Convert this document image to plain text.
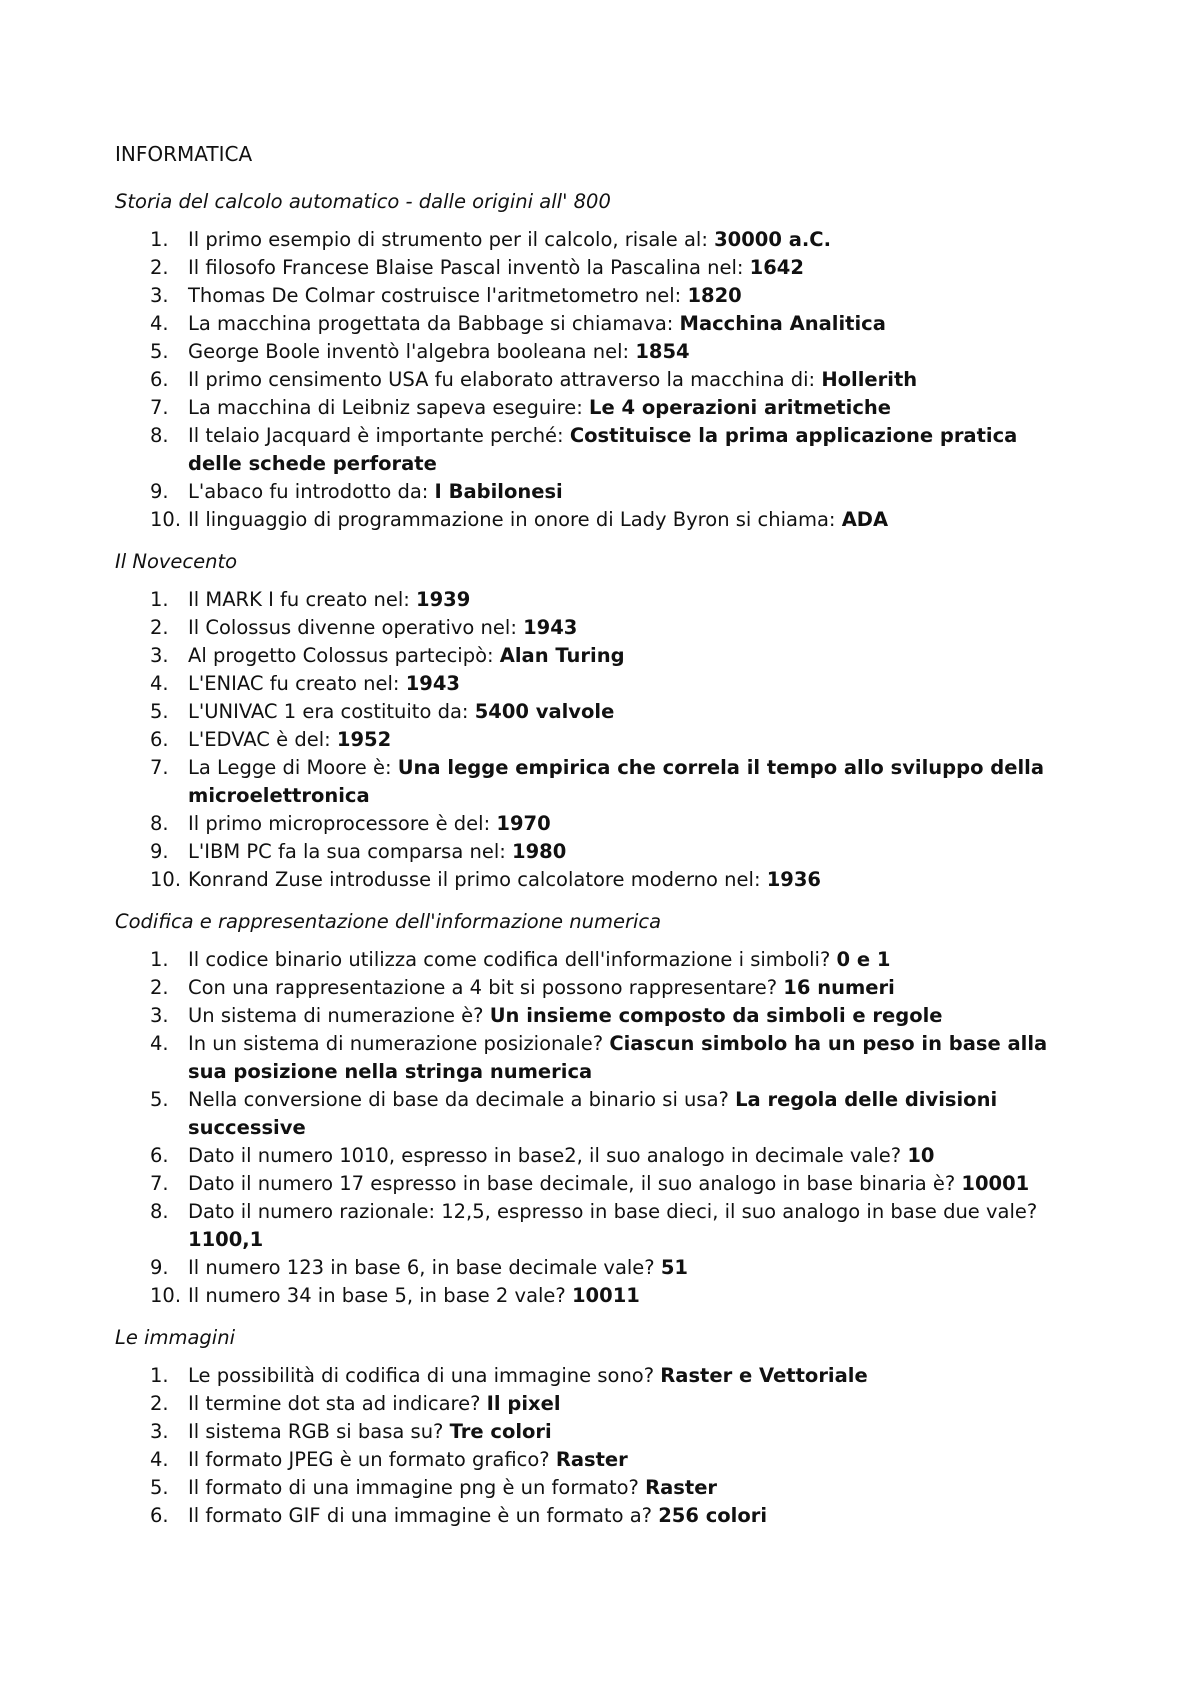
INFORMATICA
Storia del calcolo automatico - dalle origini all' 800
1. Il primo esempio di strumento per il calcolo, risale al: 30000 a.C.
2. Il filosofo Francese Blaise Pascal inventò la Pascalina nel: 1642
3. Thomas De Colmar costruisce l'aritmetometro nel: 1820
4. La macchina progettata da Babbage si chiamava: Macchina Analitica
5. George Boole inventò l'algebra booleana nel: 1854
6. Il primo censimento USA fu elaborato attraverso la macchina di: Hollerith
7. La macchina di Leibniz sapeva eseguire: Le 4 operazioni aritmetiche
8. Il telaio Jacquard è importante perché: Costituisce la prima applicazione pratica delle schede perforate
9. L'abaco fu introdotto da: I Babilonesi
10. Il linguaggio di programmazione in onore di Lady Byron si chiama: ADA
Il Novecento
1. Il MARK I fu creato nel: 1939
2. Il Colossus divenne operativo nel: 1943
3. Al progetto Colossus partecipò: Alan Turing
4. L'ENIAC fu creato nel: 1943
5. L'UNIVAC 1 era costituito da: 5400 valvole
6. L'EDVAC è del: 1952
7. La Legge di Moore è: Una legge empirica che correla il tempo allo sviluppo della microelettronica
8. Il primo microprocessore è del: 1970
9. L'IBM PC fa la sua comparsa nel: 1980
10. Konrand Zuse introdusse il primo calcolatore moderno nel: 1936
Codifica e rappresentazione dell'informazione numerica
1. Il codice binario utilizza come codifica dell'informazione i simboli? 0 e 1
2. Con una rappresentazione a 4 bit si possono rappresentare? 16 numeri
3. Un sistema di numerazione è? Un insieme composto da simboli e regole
4. In un sistema di numerazione posizionale? Ciascun simbolo ha un peso in base alla sua posizione nella stringa numerica
5. Nella conversione di base da decimale a binario si usa? La regola delle divisioni successive
6. Dato il numero 1010, espresso in base2, il suo analogo in decimale vale? 10
7. Dato il numero 17 espresso in base decimale, il suo analogo in base binaria è? 10001
8. Dato il numero razionale: 12,5, espresso in base dieci, il suo analogo in base due vale? 1100,1
9. Il numero 123 in base 6, in base decimale vale? 51
10. Il numero 34 in base 5, in base 2 vale? 10011
Le immagini
1. Le possibilità di codifica di una immagine sono? Raster e Vettoriale
2. Il termine dot sta ad indicare? Il pixel
3. Il sistema RGB si basa su? Tre colori
4. Il formato JPEG è un formato grafico? Raster
5. Il formato di una immagine png è un formato? Raster
6. Il formato GIF di una immagine è un formato a? 256 colori
